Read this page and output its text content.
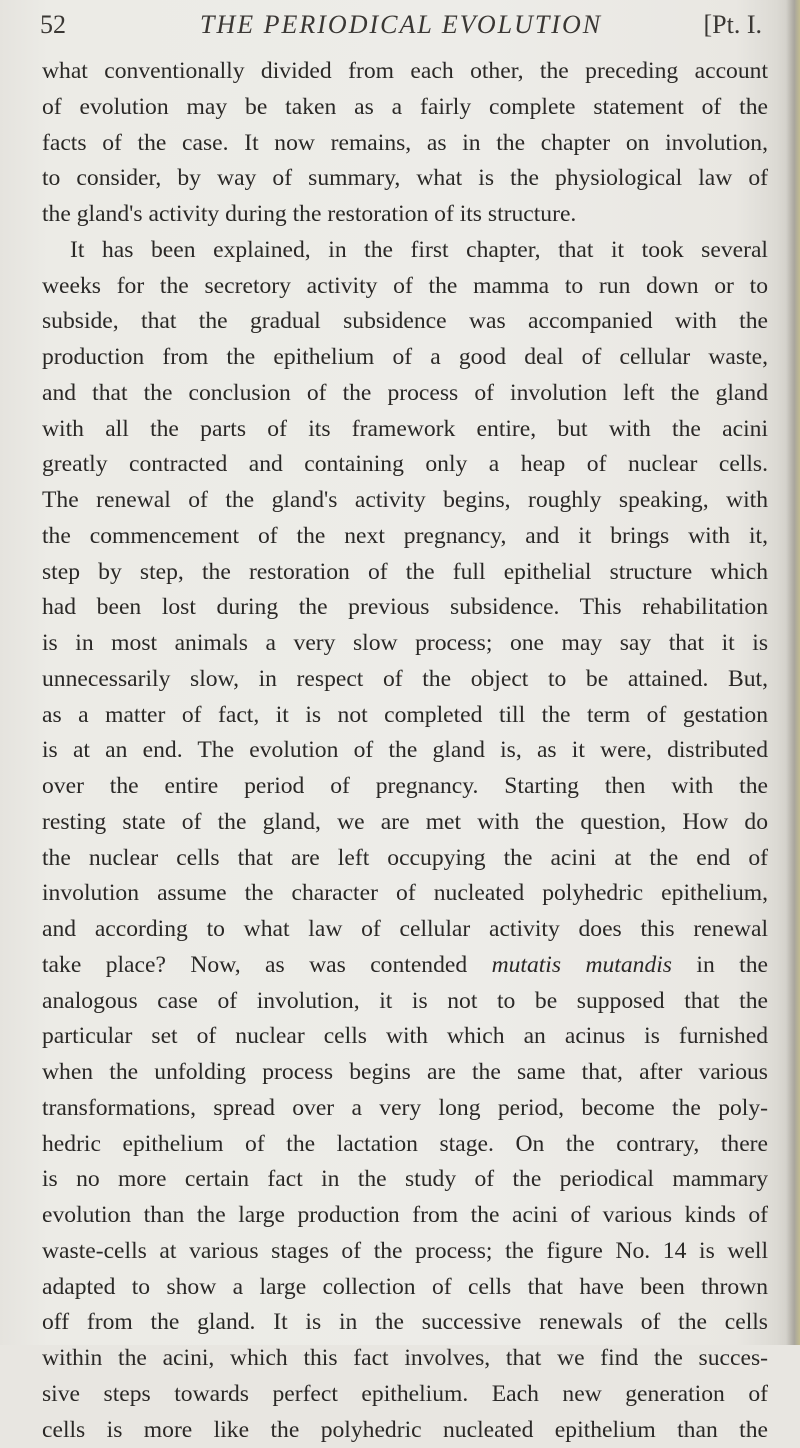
52	THE PERIODICAL EVOLUTION	[Pt. I.
what conventionally divided from each other, the preceding account
of evolution may be taken as a fairly complete statement of the
facts of the case. It now remains, as in the chapter on involution,
to consider, by way of summary, what is the physiological law of
the gland's activity during the restoration of its structure.
It has been explained, in the first chapter, that it took several
weeks for the secretory activity of the mamma to run down or to
subside, that the gradual subsidence was accompanied with the
production from the epithelium of a good deal of cellular waste,
and that the conclusion of the process of involution left the gland
with all the parts of its framework entire, but with the acini
greatly contracted and containing only a heap of nuclear cells.
The renewal of the gland's activity begins, roughly speaking, with
the commencement of the next pregnancy, and it brings with it,
step by step, the restoration of the full epithelial structure which
had been lost during the previous subsidence. This rehabilitation
is in most animals a very slow process; one may say that it is
unnecessarily slow, in respect of the object to be attained. But,
as a matter of fact, it is not completed till the term of gestation
is at an end. The evolution of the gland is, as it were, distributed
over the entire period of pregnancy. Starting then with the
resting state of the gland, we are met with the question, How do
the nuclear cells that are left occupying the acini at the end of
involution assume the character of nucleated polyhedric epithelium,
and according to what law of cellular activity does this renewal
take place? Now, as was contended mutatis mutandis in the
analogous case of involution, it is not to be supposed that the
particular set of nuclear cells with which an acinus is furnished
when the unfolding process begins are the same that, after various
transformations, spread over a very long period, become the poly-
hedric epithelium of the lactation stage. On the contrary, there
is no more certain fact in the study of the periodical mammary
evolution than the large production from the acini of various kinds of
waste-cells at various stages of the process; the figure No. 14 is well
adapted to show a large collection of cells that have been thrown
off from the gland. It is in the successive renewals of the cells
within the acini, which this fact involves, that we find the succes-
sive steps towards perfect epithelium. Each new generation of
cells is more like the polyhedric nucleated epithelium than the
